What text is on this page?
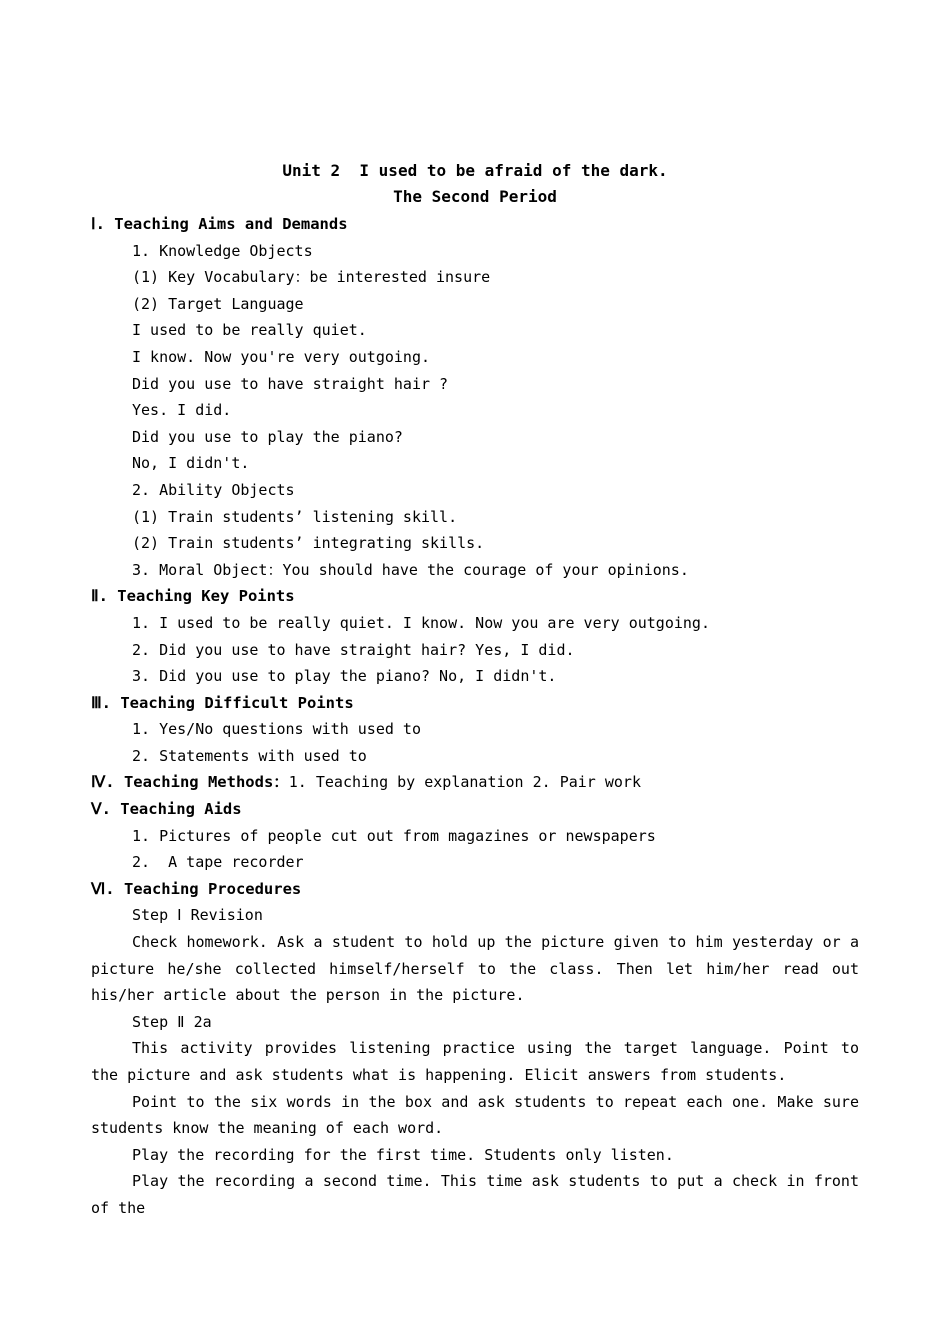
Unit 2  I used to be afraid of the dark.
The Second Period
Ⅰ. Teaching Aims and Demands
1. Knowledge Objects
(1) Key Vocabulary：be interested insure
(2) Target Language
I used to be really quiet.
I know. Now you're very outgoing.
Did you use to have straight hair ?
Yes. I did.
Did you use to play the piano?
No, I didn't.
2. Ability Objects
(1) Train students’ listening skill.
(2) Train students’ integrating skills.
3. Moral Object：You should have the courage of your opinions.
Ⅱ. Teaching Key Points
1. I used to be really quiet. I know. Now you are very outgoing.
2. Did you use to have straight hair? Yes, I did.
3. Did you use to play the piano? No, I didn't.
Ⅲ. Teaching Difficult Points
1. Yes/No questions with used to
2. Statements with used to
Ⅳ. Teaching Methods：1. Teaching by explanation 2. Pair work
Ⅴ. Teaching Aids
1. Pictures of people cut out from magazines or newspapers
2.  A tape recorder
Ⅵ. Teaching Procedures
Step Ⅰ Revision
Check homework. Ask a student to hold up the picture given to him yesterday or a picture he/she collected himself/herself to the class. Then let him/her read out his/her article about the person in the picture.
Step Ⅱ 2a
This activity provides listening practice using the target language. Point to the picture and ask students what is happening. Elicit answers from students.
Point to the six words in the box and ask students to repeat each one. Make sure students know the meaning of each word.
Play the recording for the first time. Students only listen.
Play the recording a second time. This time ask students to put a check in front of the
